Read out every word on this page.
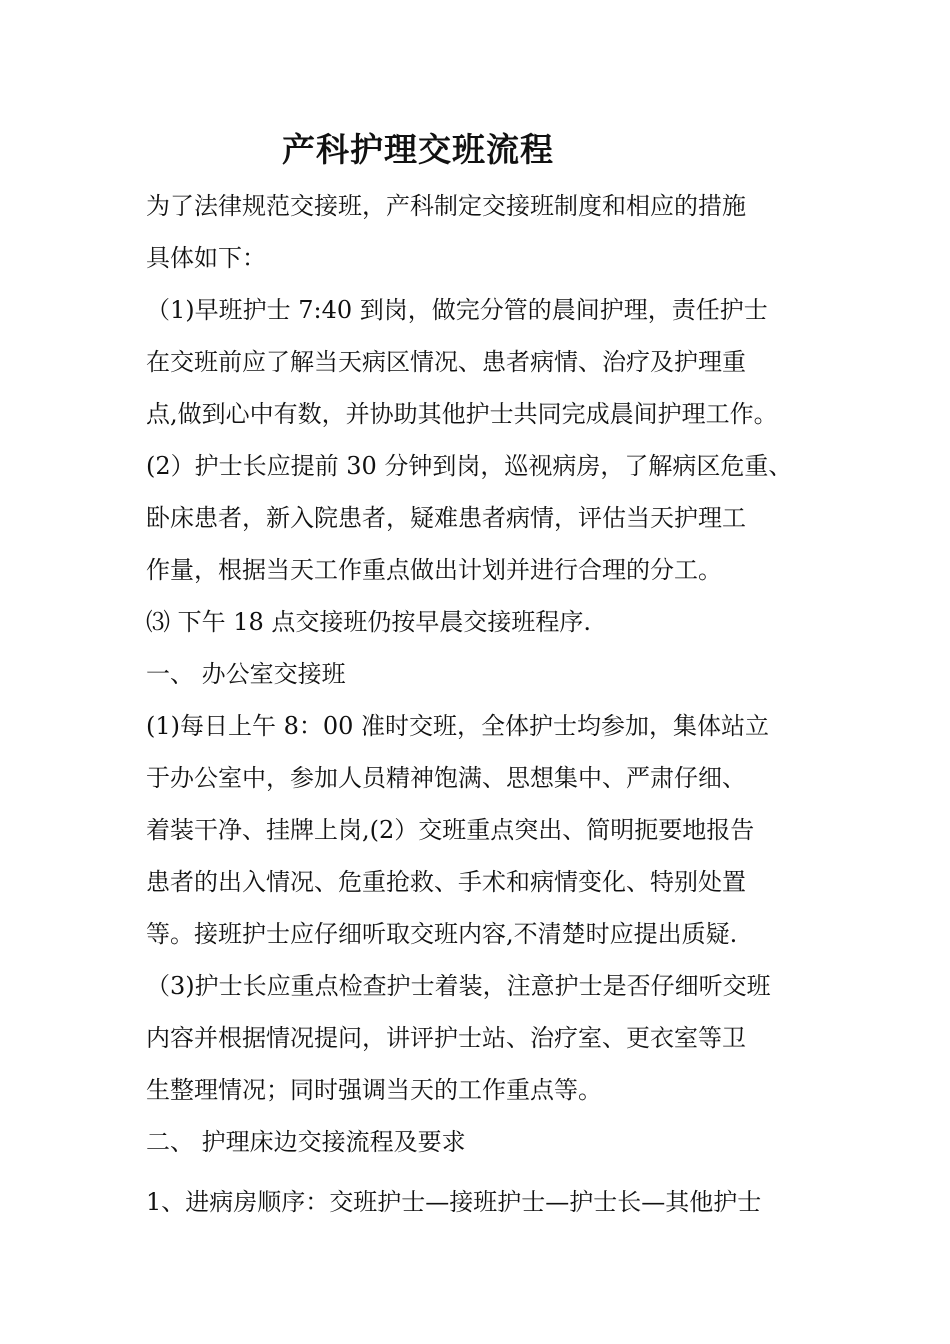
产科护理交班流程
为了法律规范交接班，产科制定交接班制度和相应的措施
具体如下：
（1)早班护士 7:40 到岗，做完分管的晨间护理，责任护士
在交班前应了解当天病区情况、患者病情、治疗及护理重
点,做到心中有数，并协助其他护士共同完成晨间护理工作。
(2）护士长应提前 30 分钟到岗，巡视病房，了解病区危重、
卧床患者，新入院患者，疑难患者病情，评估当天护理工
作量，根据当天工作重点做出计划并进行合理的分工。
⑶ 下午 18 点交接班仍按早晨交接班程序.
一、 办公室交接班
(1)每日上午 8：00 准时交班，全体护士均参加，集体站立
于办公室中，参加人员精神饱满、思想集中、严肃仔细、
着装干净、挂牌上岗,(2）交班重点突出、简明扼要地报告
患者的出入情况、危重抢救、手术和病情变化、特别处置
等。接班护士应仔细听取交班内容,不清楚时应提出质疑.
（3)护士长应重点检查护士着装，注意护士是否仔细听交班
内容并根据情况提问，讲评护士站、治疗室、更衣室等卫
生整理情况；同时强调当天的工作重点等。
二、 护理床边交接流程及要求
1、进病房顺序：交班护士—接班护士—护士长—其他护士
